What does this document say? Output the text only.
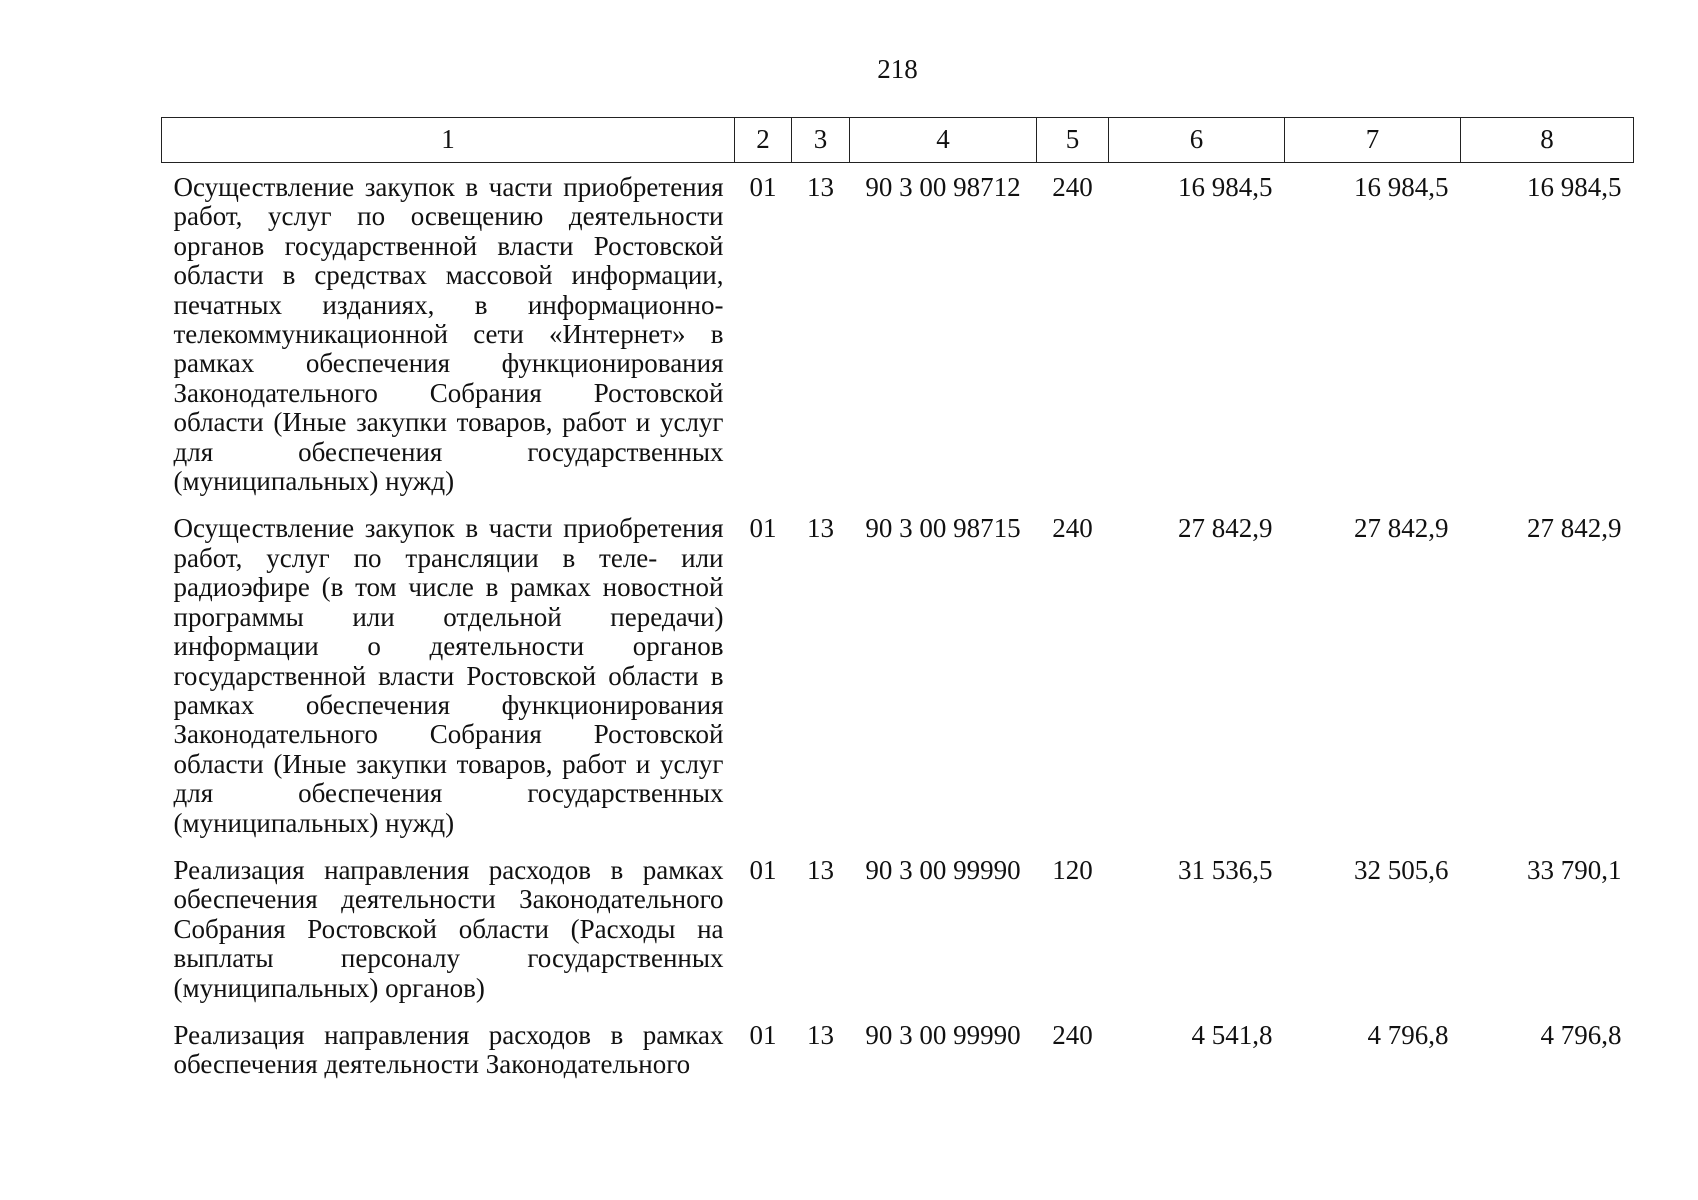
218
1	2	3	4	5	6	7	8
Осуществление закупок в части приобретения работ, услуг по освещению деятельности органов государственной власти Ростовской области в средствах массовой информации, печатных изданиях, в информационно-телекоммуникационной сети «Интернет» в рамках обеспечения функционирования Законодательного Собрания Ростовской области (Иные закупки товаров, работ и услуг для обеспечения государственных (муниципальных) нужд)	01	13	90 3 00 98712	240	16 984,5	16 984,5	16 984,5
Осуществление закупок в части приобретения работ, услуг по трансляции в теле- или радиоэфире (в том числе в рамках новостной программы или отдельной передачи) информации о деятельности органов государственной власти Ростовской области в рамках обеспечения функционирования Законодательного Собрания Ростовской области (Иные закупки товаров, работ и услуг для обеспечения государственных (муниципальных) нужд)	01	13	90 3 00 98715	240	27 842,9	27 842,9	27 842,9
Реализация направления расходов в рамках обеспечения деятельности Законодательного Собрания Ростовской области (Расходы на выплаты персоналу государственных (муниципальных) органов)	01	13	90 3 00 99990	120	31 536,5	32 505,6	33 790,1
Реализация направления расходов в рамках обеспечения деятельности Законодательного	01	13	90 3 00 99990	240	4 541,8	4 796,8	4 796,8
